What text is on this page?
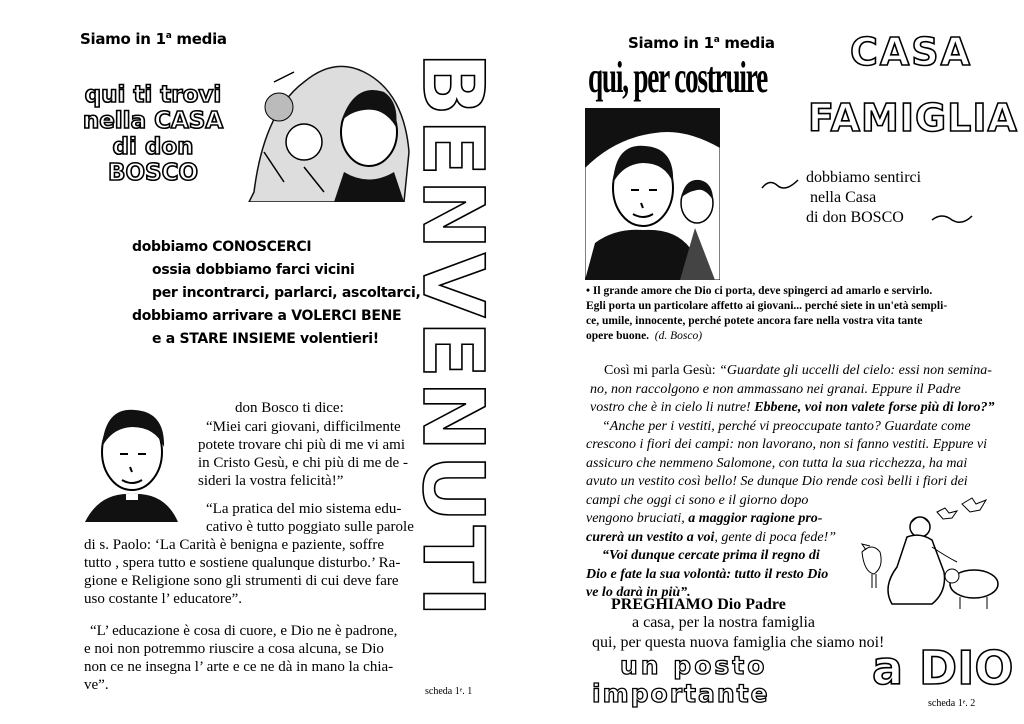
Siamo in 1$^a$ media
qui ti trovi
nella CASA
di don
BOSCO	BENVENUTI
dobbiamo CONOSCERCI
ossia dobbiamo farci vicini
per incontrarci, parlarci, ascoltarci,
dobbiamo arrivare a VOLERCI BENE
e a STARE INSIEME volentieri!
don Bosco ti dice:
“Miei cari giovani, difficilmente
potete trovare chi più di me vi ami
in Cristo Gesù, e chi più di me de -
sideri la vostra felicità!”
“La pratica del mio sistema edu-
cativo è tutto poggiato sulle parole
di s. Paolo: ‘La Carità è benigna e paziente, soffre
tutto , spera tutto e sostiene qualunque disturbo.’ Ra-
gione e Religione sono gli strumenti di cui deve fare
uso costante l’ educatore”.
“L’ educazione è cosa di cuore, e Dio ne è padrone,
e noi non potremmo riuscire a cosa alcuna, se Dio
non ce ne insegna l’ arte e ce ne dà in mano la chia-
ve”.	scheda 1ᵉ. 1
Siamo in 1$^a$ media
qui, per costruire
CASA
FAMIGLIA
dobbiamo sentirci
nella Casa
di don BOSCO
• Il grande amore che Dio ci porta, deve spingerci ad amarlo e servirlo.
Egli porta un particolare affetto ai giovani... perché siete in un'età sempli-
ce, umile, innocente, perché potete ancora fare nella vostra vita tante
opere buone. (d. Bosco)
Così mi parla Gesù: “Guardate gli uccelli del cielo: essi non semina-
no, non raccolgono e non ammassano nei granai. Eppure il Padre
vostro che è in cielo li nutre! Ebbene, voi non valete forse più di loro?”
“Anche per i vestiti, perché vi preoccupate tanto? Guardate come
crescono i fiori dei campi: non lavorano, non si fanno vestiti. Eppure vi
assicuro che nemmeno Salomone, con tutta la sua ricchezza, ha mai
avuto un vestito così bello! Se dunque Dio rende così belli i fiori dei
campi che oggi ci sono e il giorno dopo
vengono bruciati, a maggior ragione pro-
curerà un vestito a voi, gente di poca fede!”
“Voi dunque cercate prima il regno di
Dio e fate la sua volontà: tutto il resto Dio
ve lo darà in più”.
PREGHIAMO Dio Padre
a casa, per la nostra famiglia
qui, per questa nuova famiglia che siamo noi!
un posto
importante a DIO
scheda 1ᵉ. 2
